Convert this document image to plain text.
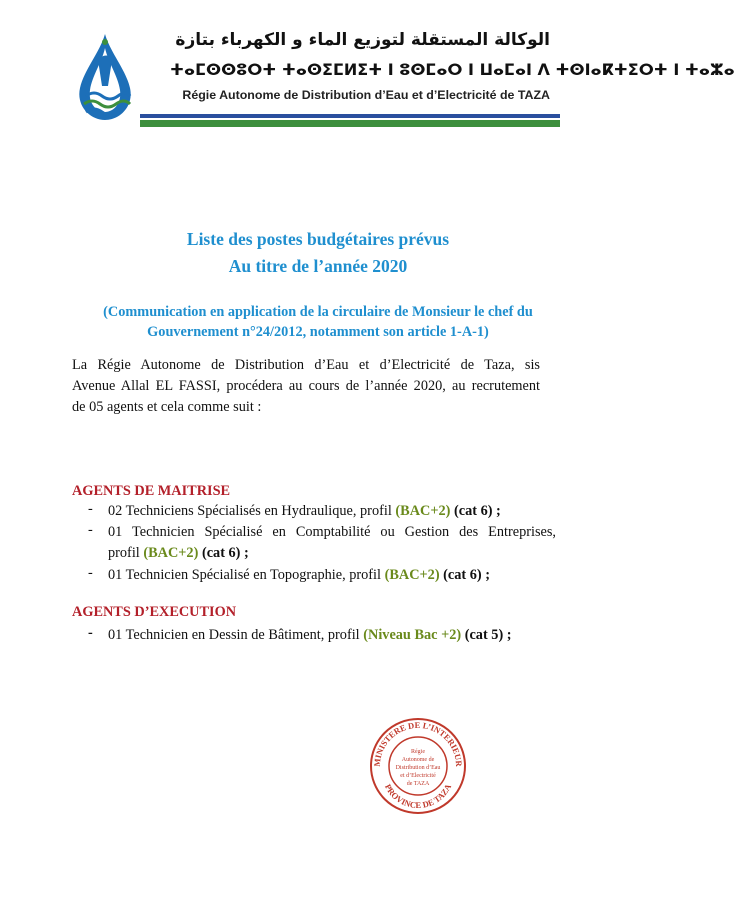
الوكالة المستقلة لتوزيع الماء و الكهرباء بتازة
ⵜⴰⵎⵙⵙⵓⵔⵜ ⵜⴰⵙⵉⵎⵍⵉⵜ ⵏ ⵓⵙⵎⴰⵔ ⵏ ⵡⴰⵎⴰⵏ ⴷ ⵜⵙⵏⴰⴽⵜⵉⵔⵜ ⵏ ⵜⴰⵣⴰ
Régie Autonome de Distribution d’Eau et d’Electricité de TAZA
Liste des postes budgétaires prévus
Au titre de l’année 2020
(Communication en application de la circulaire de Monsieur le chef du
Gouvernement n°24/2012, notamment son article 1-A-1)
La Régie Autonome de Distribution d’Eau et d’Electricité de Taza, sis
Avenue Allal EL FASSI, procédera au cours de l’année 2020, au recrutement
de 05 agents et cela comme suit :
AGENTS DE MAITRISE
- 02 Techniciens Spécialisés en Hydraulique, profil (BAC+2) (cat 6) ;
- 01 Technicien Spécialisé en Comptabilité ou Gestion des Entreprises,
profil (BAC+2) (cat 6) ;
- 01 Technicien Spécialisé en Topographie, profil (BAC+2) (cat 6) ;
AGENTS D’EXECUTION
- 01 Technicien en Dessin de Bâtiment, profil (Niveau Bac +2) (cat 5) ;
MINISTERE DE L’INTERIEUR
PROVINCE DE TAZA
Régie
Autonome de
Distribution d’Eau
et d’Electricité
de TAZA
